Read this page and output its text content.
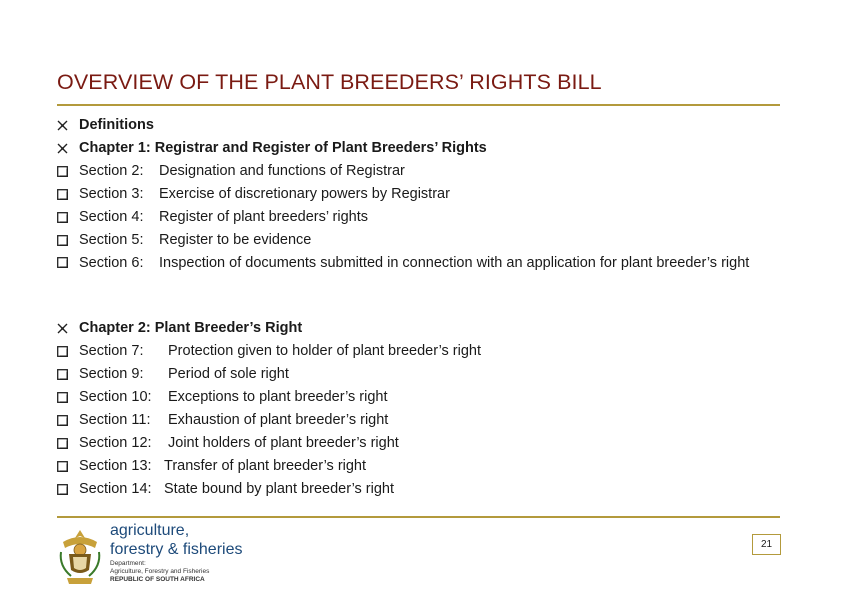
OVERVIEW OF THE PLANT BREEDERS’ RIGHTS BILL
Definitions
Chapter 1: Registrar and Register of Plant Breeders’ Rights
Section 2: Designation and functions of Registrar
Section 3: Exercise of discretionary powers by Registrar
Section 4: Register of plant breeders’ rights
Section 5: Register to be evidence
Section 6: Inspection of documents submitted in connection with an application for plant breeder’s right
Chapter 2: Plant Breeder’s Right
Section 7: Protection given to holder of plant breeder’s right
Section 9: Period of sole right
Section 10: Exceptions to plant breeder’s right
Section 11: Exhaustion of plant breeder’s right
Section 12: Joint holders of plant breeder’s right
Section 13: Transfer of plant breeder’s right
Section 14: State bound by plant breeder’s right
agriculture,
forestry & fisheries
Department:
Agriculture, Forestry and Fisheries
REPUBLIC OF SOUTH AFRICA
21
